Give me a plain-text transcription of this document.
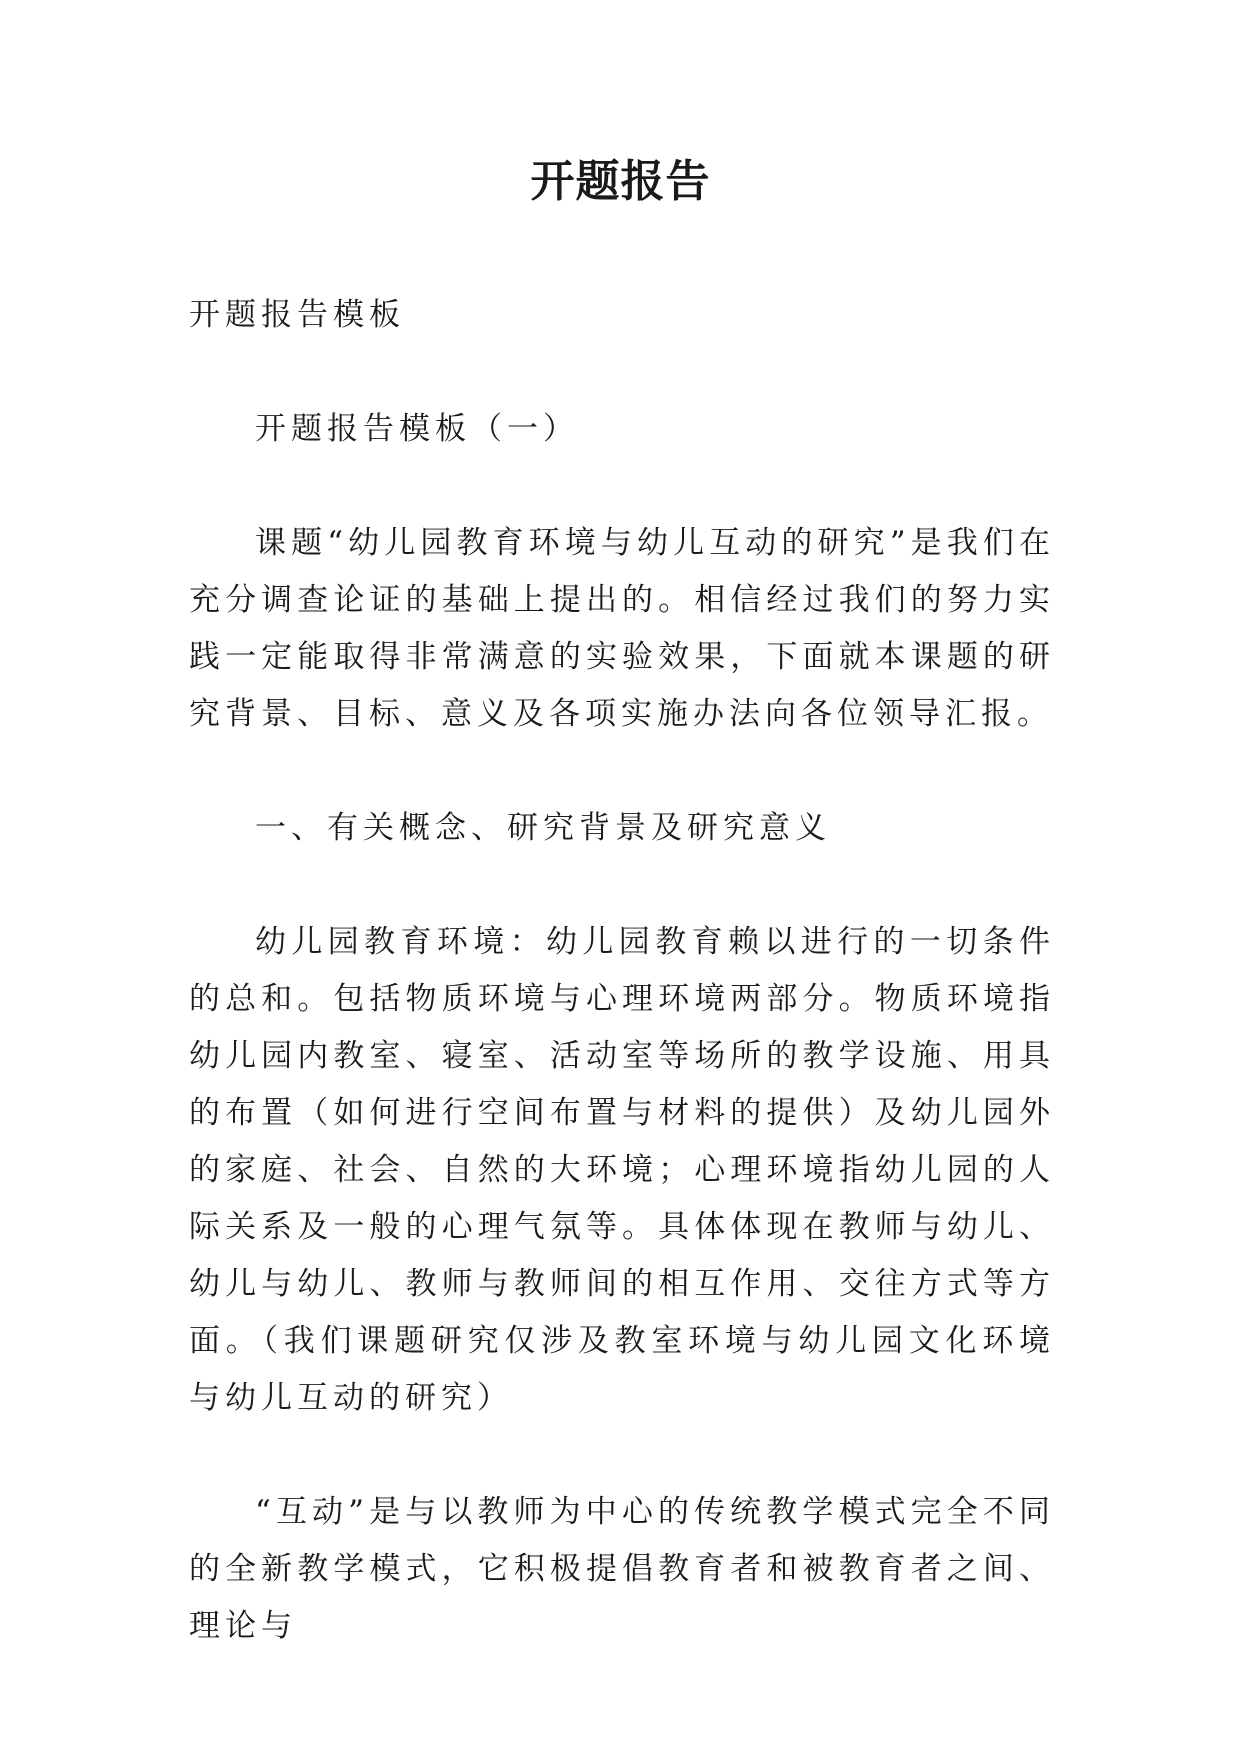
开题报告

开题报告模板

开题报告模板（一）

课题“幼儿园教育环境与幼儿互动的研究”是我们在充分调查论证的基础上提出的。相信经过我们的努力实践一定能取得非常满意的实验效果，下面就本课题的研究背景、目标、意义及各项实施办法向各位领导汇报。

一、有关概念、研究背景及研究意义

幼儿园教育环境：幼儿园教育赖以进行的一切条件的总和。包括物质环境与心理环境两部分。物质环境指幼儿园内教室、寝室、活动室等场所的教学设施、用具的布置（如何进行空间布置与材料的提供）及幼儿园外的家庭、社会、自然的大环境；心理环境指幼儿园的人际关系及一般的心理气氛等。具体体现在教师与幼儿、幼儿与幼儿、教师与教师间的相互作用、交往方式等方面。（我们课题研究仅涉及教室环境与幼儿园文化环境与幼儿互动的研究）

“互动”是与以教师为中心的传统教学模式完全不同的全新教学模式，它积极提倡教育者和被教育者之间、理论与
